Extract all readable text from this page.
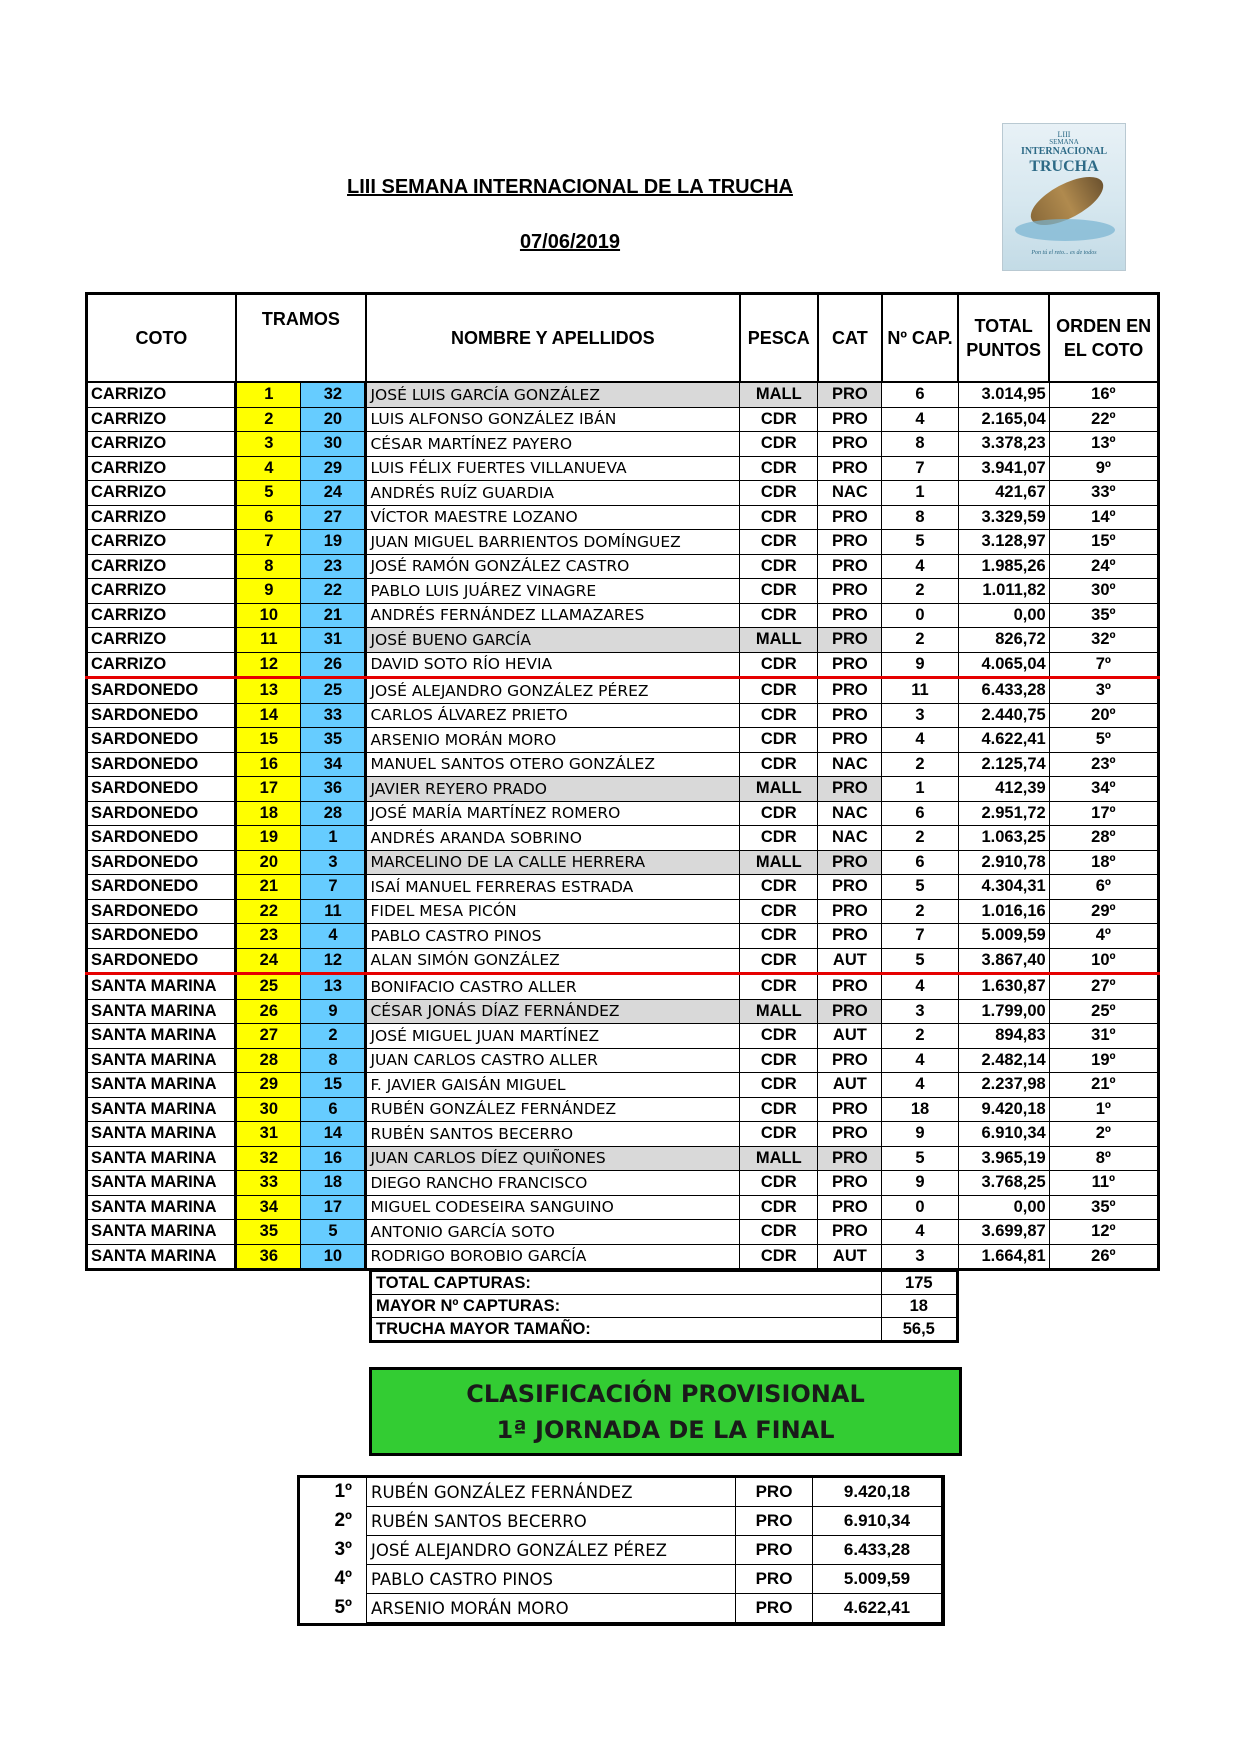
LIII SEMANA INTERNACIONAL DE LA TRUCHA
07/06/2019
LIII
SEMANA
INTERNACIONAL
TRUCHA
Pon tú el reto... es de todos
COTO	TRAMOS		NOMBRE Y APELLIDOS	PESCA	CAT	Nº CAP.	TOTAL PUNTOS	ORDEN EN EL COTO
CARRIZO	1	32	JOSÉ LUIS GARCÍA GONZÁLEZ	MALL	PRO	6	3.014,95	16º
CARRIZO	2	20	LUIS ALFONSO GONZÁLEZ IBÁN	CDR	PRO	4	2.165,04	22º
CARRIZO	3	30	CÉSAR MARTÍNEZ PAYERO	CDR	PRO	8	3.378,23	13º
CARRIZO	4	29	LUIS FÉLIX FUERTES VILLANUEVA	CDR	PRO	7	3.941,07	9º
CARRIZO	5	24	ANDRÉS RUÍZ GUARDIA	CDR	NAC	1	421,67	33º
CARRIZO	6	27	VÍCTOR MAESTRE LOZANO	CDR	PRO	8	3.329,59	14º
CARRIZO	7	19	JUAN MIGUEL BARRIENTOS DOMÍNGUEZ	CDR	PRO	5	3.128,97	15º
CARRIZO	8	23	JOSÉ RAMÓN GONZÁLEZ CASTRO	CDR	PRO	4	1.985,26	24º
CARRIZO	9	22	PABLO LUIS JUÁREZ VINAGRE	CDR	PRO	2	1.011,82	30º
CARRIZO	10	21	ANDRÉS FERNÁNDEZ LLAMAZARES	CDR	PRO	0	0,00	35º
CARRIZO	11	31	JOSÉ BUENO GARCÍA	MALL	PRO	2	826,72	32º
CARRIZO	12	26	DAVID SOTO RÍO HEVIA	CDR	PRO	9	4.065,04	7º
SARDONEDO	13	25	JOSÉ ALEJANDRO GONZÁLEZ PÉREZ	CDR	PRO	11	6.433,28	3º
SARDONEDO	14	33	CARLOS ÁLVAREZ PRIETO	CDR	PRO	3	2.440,75	20º
SARDONEDO	15	35	ARSENIO MORÁN MORO	CDR	PRO	4	4.622,41	5º
SARDONEDO	16	34	MANUEL SANTOS OTERO GONZÁLEZ	CDR	NAC	2	2.125,74	23º
SARDONEDO	17	36	JAVIER REYERO PRADO	MALL	PRO	1	412,39	34º
SARDONEDO	18	28	JOSÉ MARÍA MARTÍNEZ ROMERO	CDR	NAC	6	2.951,72	17º
SARDONEDO	19	1	ANDRÉS ARANDA SOBRINO	CDR	NAC	2	1.063,25	28º
SARDONEDO	20	3	MARCELINO DE LA CALLE HERRERA	MALL	PRO	6	2.910,78	18º
SARDONEDO	21	7	ISAÍ MANUEL FERRERAS ESTRADA	CDR	PRO	5	4.304,31	6º
SARDONEDO	22	11	FIDEL MESA PICÓN	CDR	PRO	2	1.016,16	29º
SARDONEDO	23	4	PABLO CASTRO PINOS	CDR	PRO	7	5.009,59	4º
SARDONEDO	24	12	ALAN SIMÓN GONZÁLEZ	CDR	AUT	5	3.867,40	10º
SANTA MARINA	25	13	BONIFACIO CASTRO ALLER	CDR	PRO	4	1.630,87	27º
SANTA MARINA	26	9	CÉSAR JONÁS DÍAZ FERNÁNDEZ	MALL	PRO	3	1.799,00	25º
SANTA MARINA	27	2	JOSÉ MIGUEL JUAN MARTÍNEZ	CDR	AUT	2	894,83	31º
SANTA MARINA	28	8	JUAN CARLOS CASTRO ALLER	CDR	PRO	4	2.482,14	19º
SANTA MARINA	29	15	F. JAVIER GAISÁN MIGUEL	CDR	AUT	4	2.237,98	21º
SANTA MARINA	30	6	RUBÉN GONZÁLEZ FERNÁNDEZ	CDR	PRO	18	9.420,18	1º
SANTA MARINA	31	14	RUBÉN SANTOS BECERRO	CDR	PRO	9	6.910,34	2º
SANTA MARINA	32	16	JUAN CARLOS DÍEZ QUIÑONES	MALL	PRO	5	3.965,19	8º
SANTA MARINA	33	18	DIEGO RANCHO FRANCISCO	CDR	PRO	9	3.768,25	11º
SANTA MARINA	34	17	MIGUEL CODESEIRA SANGUINO	CDR	PRO	0	0,00	35º
SANTA MARINA	35	5	ANTONIO GARCÍA SOTO	CDR	PRO	4	3.699,87	12º
SANTA MARINA	36	10	RODRIGO BOROBIO GARCÍA	CDR	AUT	3	1.664,81	26º
TOTAL CAPTURAS:	175
MAYOR Nº CAPTURAS:	18
TRUCHA MAYOR TAMAÑO:	56,5
CLASIFICACIÓN PROVISIONAL
1ª JORNADA DE LA FINAL
1º	RUBÉN GONZÁLEZ FERNÁNDEZ	PRO	9.420,18
2º	RUBÉN SANTOS BECERRO	PRO	6.910,34
3º	JOSÉ ALEJANDRO GONZÁLEZ PÉREZ	PRO	6.433,28
4º	PABLO CASTRO PINOS	PRO	5.009,59
5º	ARSENIO MORÁN MORO	PRO	4.622,41
